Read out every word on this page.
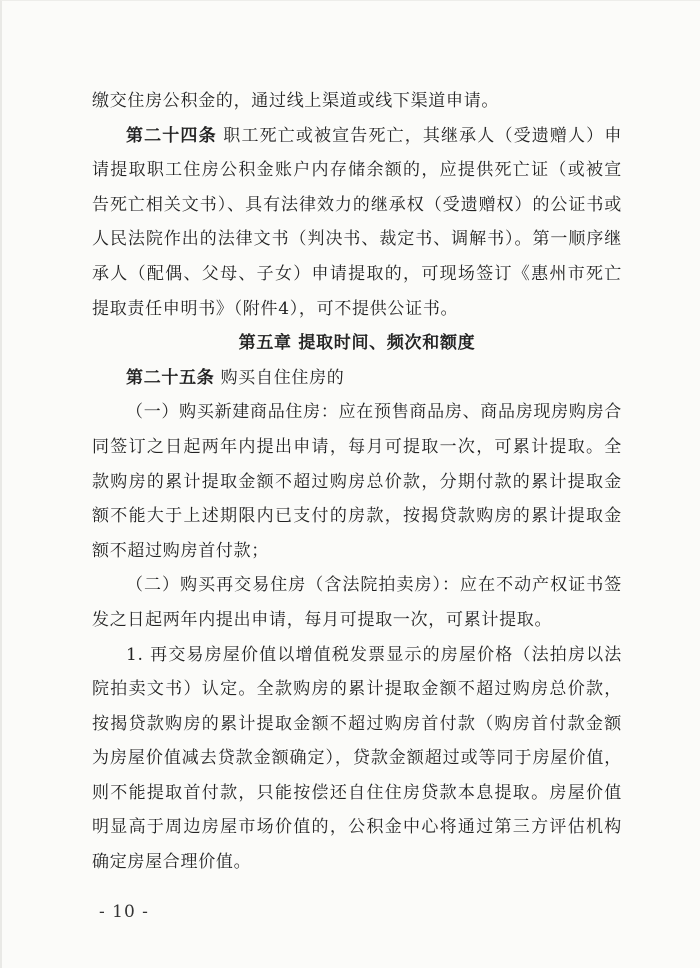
缴交住房公积金的，通过线上渠道或线下渠道申请。

第二十四条 职工死亡或被宣告死亡，其继承人（受遗赠人）申请提取职工住房公积金账户内存储余额的，应提供死亡证（或被宣告死亡相关文书）、具有法律效力的继承权（受遗赠权）的公证书或人民法院作出的法律文书（判决书、裁定书、调解书）。第一顺序继承人（配偶、父母、子女）申请提取的，可现场签订《惠州市死亡提取责任申明书》（附件4），可不提供公证书。

第五章 提取时间、频次和额度

第二十五条 购买自住住房的

（一）购买新建商品住房：应在预售商品房、商品房现房购房合同签订之日起两年内提出申请，每月可提取一次，可累计提取。全款购房的累计提取金额不超过购房总价款，分期付款的累计提取金额不能大于上述期限内已支付的房款，按揭贷款购房的累计提取金额不超过购房首付款；

（二）购买再交易住房（含法院拍卖房）：应在不动产权证书签发之日起两年内提出申请，每月可提取一次，可累计提取。

1. 再交易房屋价值以增值税发票显示的房屋价格（法拍房以法院拍卖文书）认定。全款购房的累计提取金额不超过购房总价款，按揭贷款购房的累计提取金额不超过购房首付款（购房首付款金额为房屋价值减去贷款金额确定），贷款金额超过或等同于房屋价值，则不能提取首付款，只能按偿还自住住房贷款本息提取。房屋价值明显高于周边房屋市场价值的，公积金中心将通过第三方评估机构确定房屋合理价值。

- 10 -
